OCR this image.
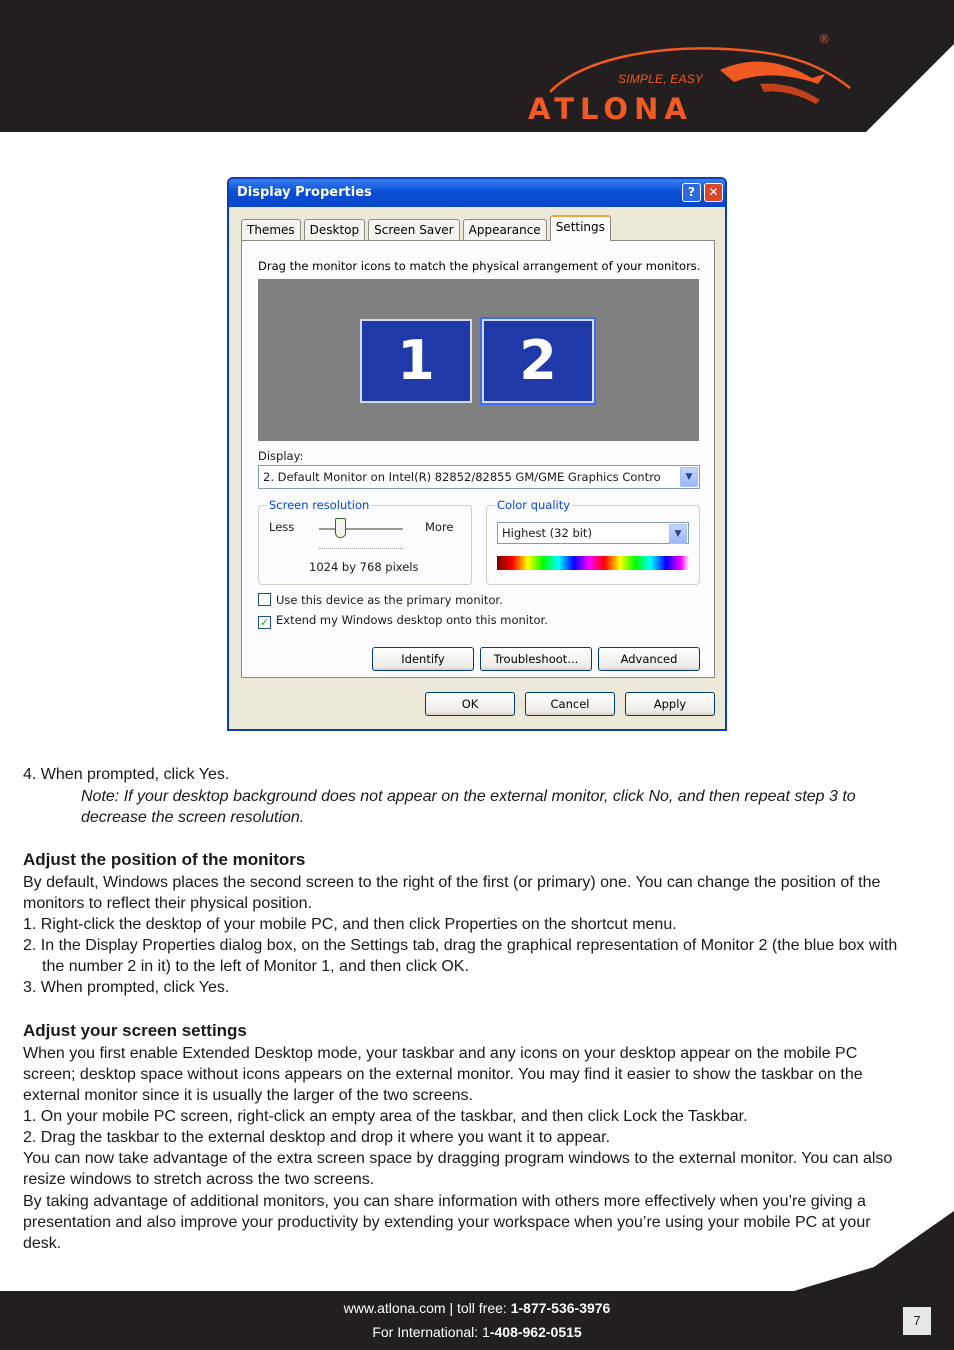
SIMPLE, EASY
ATLONA
®
Display Properties	?	✕
Themes	Desktop	Screen Saver	Appearance	Settings
Drag the monitor icons to match the physical arrangement of your monitors.
1	2
Display:
2. Default Monitor on Intel(R) 82852/82855 GM/GME Graphics Contro	▼
Screen resolution
Less	More
1024 by 768 pixels
Color quality
Highest (32 bit)	▼
Use this device as the primary monitor.
✓ Extend my Windows desktop onto this monitor.
Identify	Troubleshoot...	Advanced
OK	Cancel	Apply
4. When prompted, click Yes.
Note: If your desktop background does not appear on the external monitor, click No, and then repeat step 3 to decrease the screen resolution.
Adjust the position of the monitors
By default, Windows places the second screen to the right of the first (or primary) one. You can change the position of the monitors to reflect their physical position.
1. Right-click the desktop of your mobile PC, and then click Properties on the shortcut menu.
2. In the Display Properties dialog box, on the Settings tab, drag the graphical representation of Monitor 2 (the blue box with the number 2 in it) to the left of Monitor 1, and then click OK.
3. When prompted, click Yes.
Adjust your screen settings
When you first enable Extended Desktop mode, your taskbar and any icons on your desktop appear on the mobile PC screen; desktop space without icons appears on the external monitor. You may find it easier to show the taskbar on the external monitor since it is usually the larger of the two screens.
1. On your mobile PC screen, right-click an empty area of the taskbar, and then click Lock the Taskbar.
2. Drag the taskbar to the external desktop and drop it where you want it to appear.
You can now take advantage of the extra screen space by dragging program windows to the external monitor. You can also resize windows to stretch across the two screens.
By taking advantage of additional monitors, you can share information with others more effectively when you’re giving a presentation and also improve your productivity by extending your workspace when you’re using your mobile PC at your desk.
www.atlona.com | toll free: 1-877-536-3976
For International: 1-408-962-0515
7
